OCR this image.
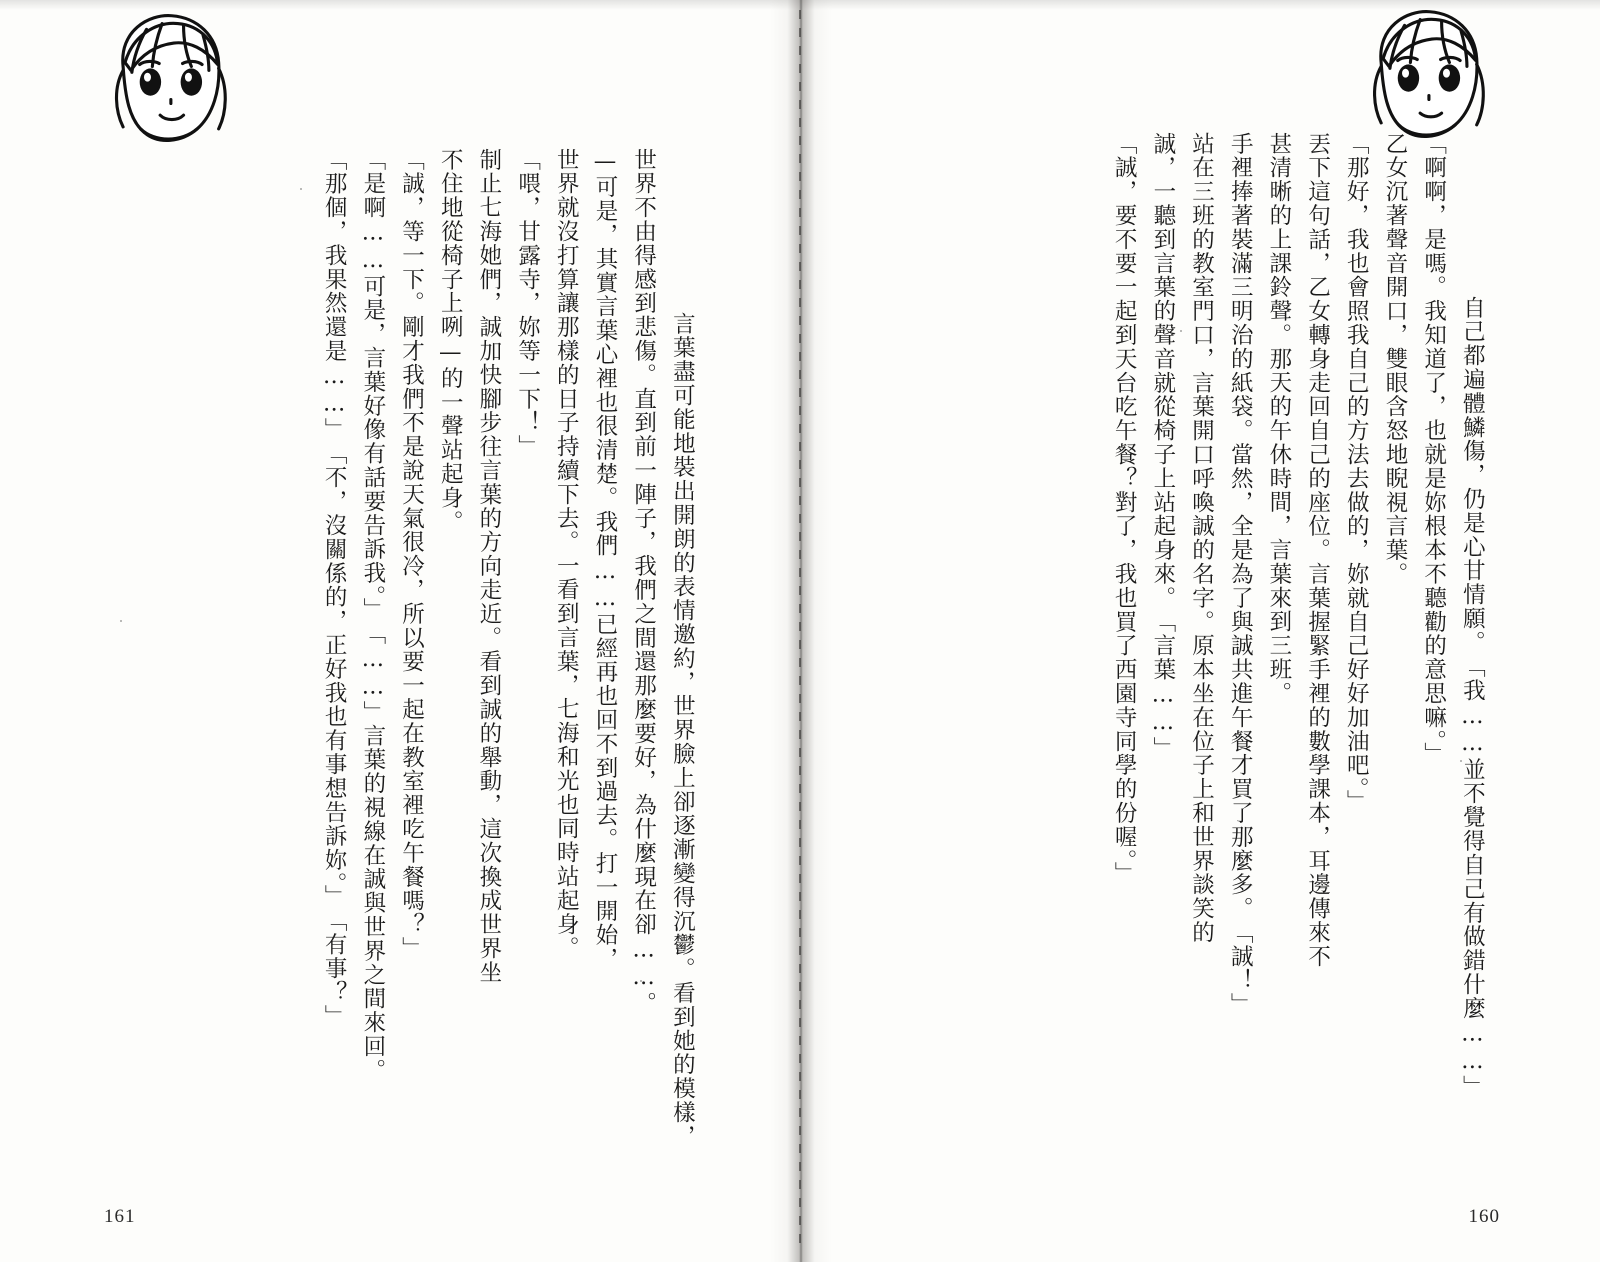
言葉盡可能地裝出開朗的表情邀約，世界臉上卻逐漸變得沉鬱。看到她的模樣，世界不由得感到悲傷。直到前一陣子，我們之間還那麼要好，為什麼現在卻……。—可是，其實言葉心裡也很清楚。我們……已經再也回不到過去。打一開始，世界就沒打算讓那樣的日子持續下去。一看到言葉，七海和光也同時站起身。「喂，甘露寺，妳等一下！」制止七海她們，誠加快腳步往言葉的方向走近。看到誠的舉動，這次換成世界坐不住地從椅子上咧—的一聲站起身。「誠，等一下。剛才我們不是說天氣很冷，所以要一起在教室裡吃午餐嗎？」「是啊……可是，言葉好像有話要告訴我。」「……」言葉的視線在誠與世界之間來回。「那個，我果然還是……」「不，沒關係的，正好我也有事想告訴妳。」「有事？」

161

自己都遍體鱗傷，仍是心甘情願。「我……並不覺得自己有做錯什麼……」「啊啊，是嗎。我知道了，也就是妳根本不聽勸的意思嘛。」乙女沉著聲音開口，雙眼含怒地睨視言葉。「那好，我也會照我自己的方法去做的，妳就自己好好加油吧。」丟下這句話，乙女轉身走回自己的座位。言葉握緊手裡的數學課本，耳邊傳來不甚清晰的上課鈴聲。那天的午休時間，言葉來到三班。手裡捧著裝滿三明治的紙袋。當然，全是為了與誠共進午餐才買了那麼多。「誠！」站在三班的教室門口，言葉開口呼喚誠的名字。原本坐在位子上和世界談笑的誠，一聽到言葉的聲音就從椅子上站起身來。「言葉……」「誠，要不要一起到天台吃午餐？對了，我也買了西園寺同學的份喔。」

160
